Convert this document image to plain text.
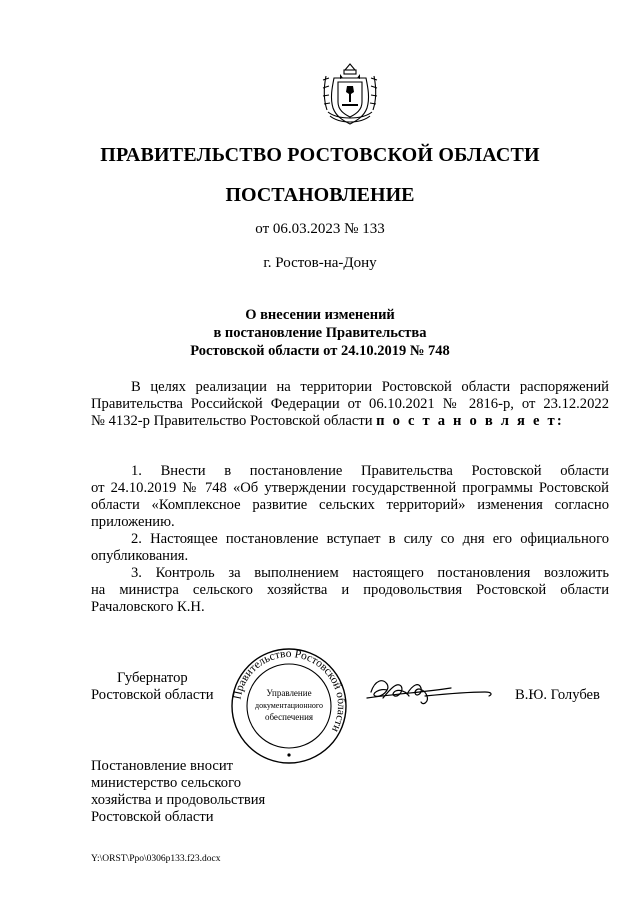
ПРАВИТЕЛЬСТВО РОСТОВСКОЙ ОБЛАСТИ
ПОСТАНОВЛЕНИЕ
от 06.03.2023 № 133
г. Ростов-на-Дону
О внесении изменений
в постановление Правительства
Ростовской области от 24.10.2019 № 748
В целях реализации на территории Ростовской области распоряжений
Правительства Российской Федерации от 06.10.2021 № 2816-р, от 23.12.2022
№ 4132-р Правительство Ростовской области п о с т а н о в л я е т:
1. Внести в постановление Правительства Ростовской области
от 24.10.2019 № 748 «Об утверждении государственной программы Ростовской
области «Комплексное развитие сельских территорий» изменения согласно
приложению.
2. Настоящее постановление вступает в силу со дня его официального
опубликования.
3. Контроль за выполнением настоящего постановления возложить
на министра сельского хозяйства и продовольствия Ростовской области
Рачаловского К.Н.
Губернатор
Ростовской области Правительство Ростовской области
Управление
документационного
обеспечения
В.Ю. Голубев
Постановление вносит
министерство сельского
хозяйства и продовольствия
Ростовской области
Y:\ORST\Ppo\0306p133.f23.docx
